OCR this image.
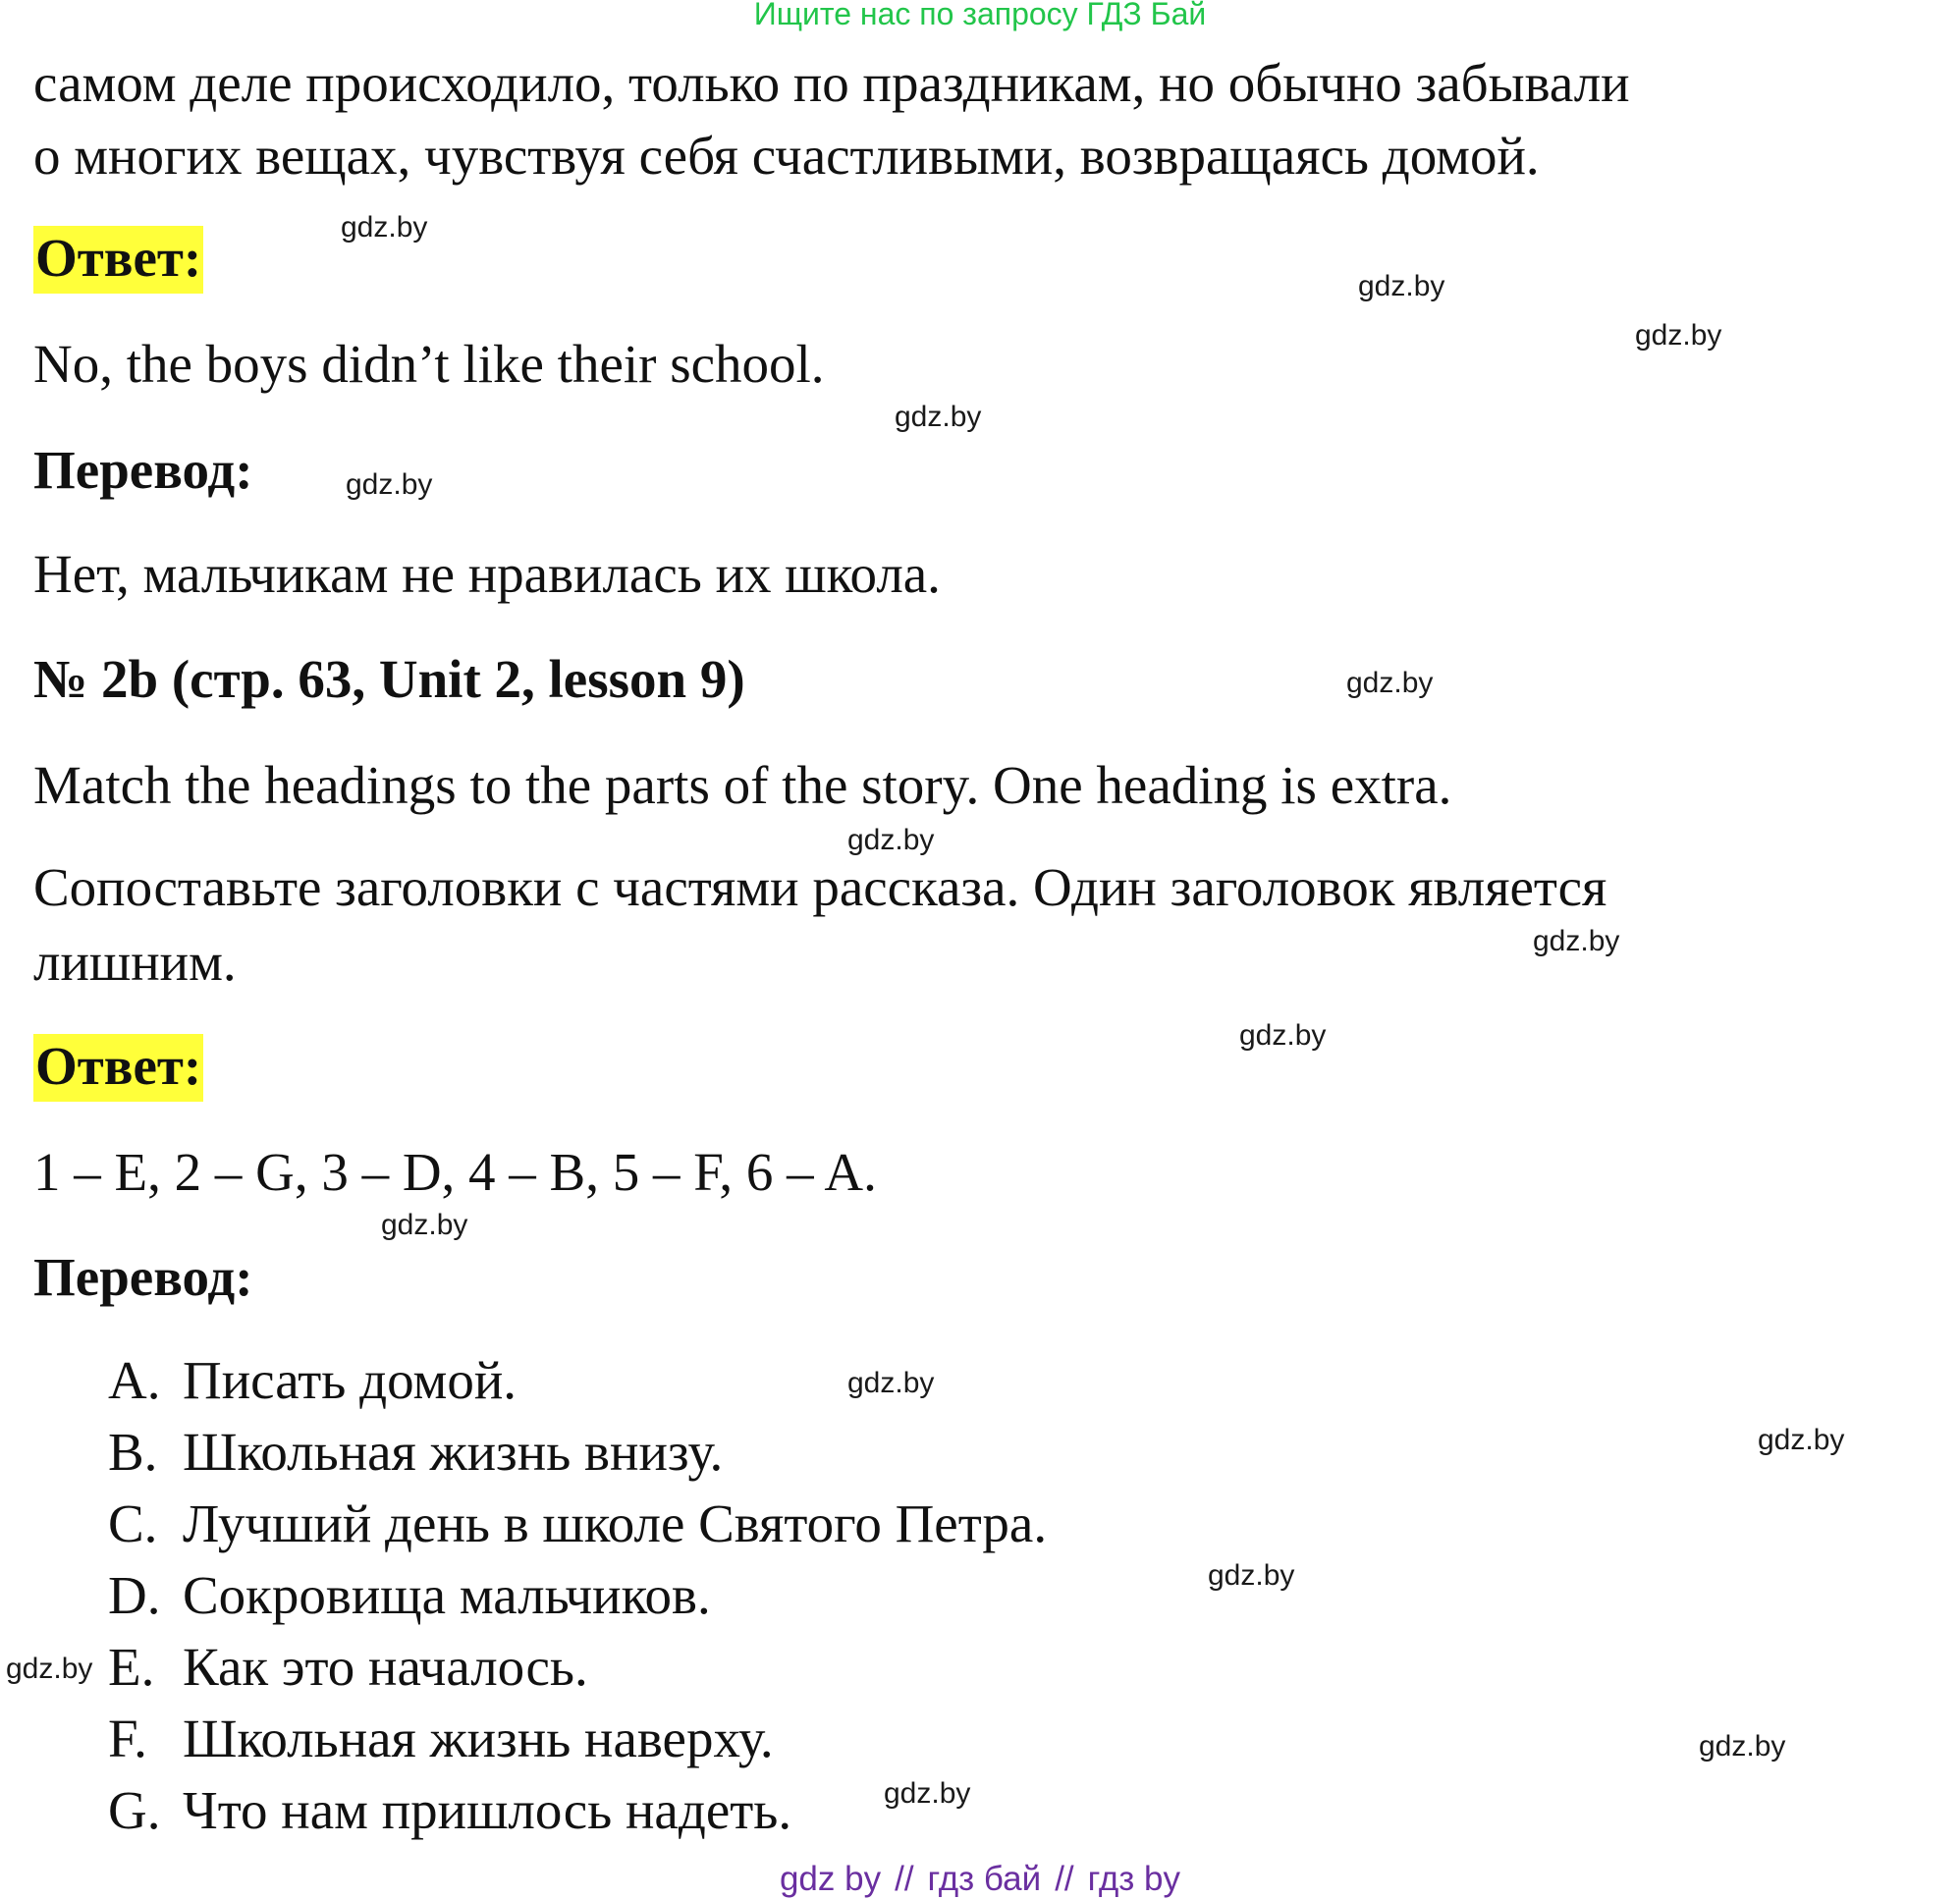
Ищите нас по запросу ГДЗ Бай
самом деле происходило, только по праздникам, но обычно забывали
о многих вещах, чувствуя себя счастливыми, возвращаясь домой.
Ответ:
No, the boys didn’t like their school.
Перевод:
Нет, мальчикам не нравилась их школа.
№ 2b (стр. 63, Unit 2, lesson 9)
Match the headings to the parts of the story. One heading is extra.
Сопоставьте заголовки с частями рассказа. Один заголовок является
лишним.
Ответ:
1 – E, 2 – G, 3 – D, 4 – B, 5 – F, 6 – A.
Перевод:
A. Писать домой.
B. Школьная жизнь внизу.
C. Лучший день в школе Святого Петра.
D. Сокровища мальчиков.
E. Как это началось.
F. Школьная жизнь наверху.
G. Что нам пришлось надеть.
gdz.by
gdz.by
gdz.by
gdz.by
gdz.by
gdz.by
gdz.by
gdz.by
gdz.by
gdz.by
gdz.by
gdz.by
gdz.by
gdz.by
gdz.by
gdz.by
gdz by // гдз бай // гдз by
